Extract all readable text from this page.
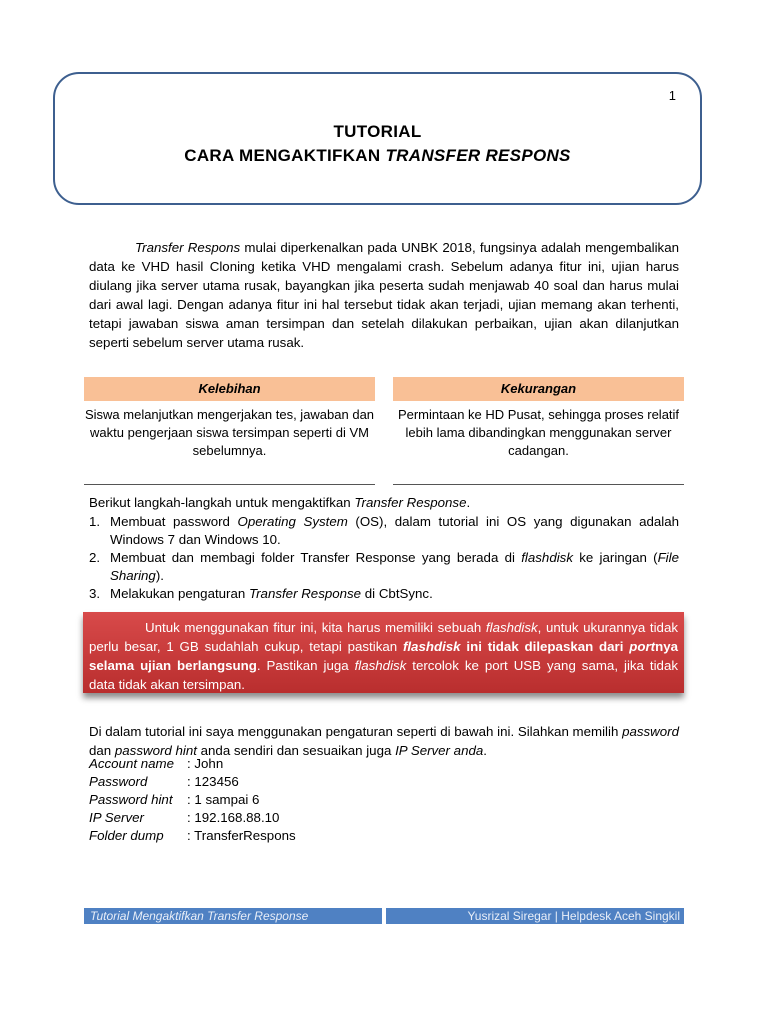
1
TUTORIAL
CARA MENGAKTIFKAN TRANSFER RESPONS
Transfer Respons mulai diperkenalkan pada UNBK 2018, fungsinya adalah mengembalikan data ke VHD hasil Cloning ketika VHD mengalami crash. Sebelum adanya fitur ini, ujian harus diulang jika server utama rusak, bayangkan jika peserta sudah menjawab 40 soal dan harus mulai dari awal lagi. Dengan adanya fitur ini hal tersebut tidak akan terjadi, ujian memang akan terhenti, tetapi jawaban siswa aman tersimpan dan setelah dilakukan perbaikan, ujian akan dilanjutkan seperti sebelum server utama rusak.
Kelebihan
Siswa melanjutkan mengerjakan tes, jawaban dan waktu pengerjaan siswa tersimpan seperti di VM sebelumnya.
Kekurangan
Permintaan ke HD Pusat, sehingga proses relatif lebih lama dibandingkan menggunakan server cadangan.
Berikut langkah-langkah untuk mengaktifkan Transfer Response.
1. Membuat password Operating System (OS), dalam tutorial ini OS yang digunakan adalah Windows 7 dan Windows 10.
2. Membuat dan membagi folder Transfer Response yang berada di flashdisk ke jaringan (File Sharing).
3. Melakukan pengaturan Transfer Response di CbtSync.
Untuk menggunakan fitur ini, kita harus memiliki sebuah flashdisk, untuk ukurannya tidak perlu besar, 1 GB sudahlah cukup, tetapi pastikan flashdisk ini tidak dilepaskan dari portnya selama ujian berlangsung. Pastikan juga flashdisk tercolok ke port USB yang sama, jika tidak data tidak akan tersimpan.
Di dalam tutorial ini saya menggunakan pengaturan seperti di bawah ini. Silahkan memilih password dan password hint anda sendiri dan sesuaikan juga IP Server anda.
Account name : John
Password	: 123456
Password hint : 1 sampai 6
IP Server	: 192.168.88.10
Folder dump : TransferRespons
Tutorial Mengaktifkan Transfer Response	Yusrizal Siregar | Helpdesk Aceh Singkil
